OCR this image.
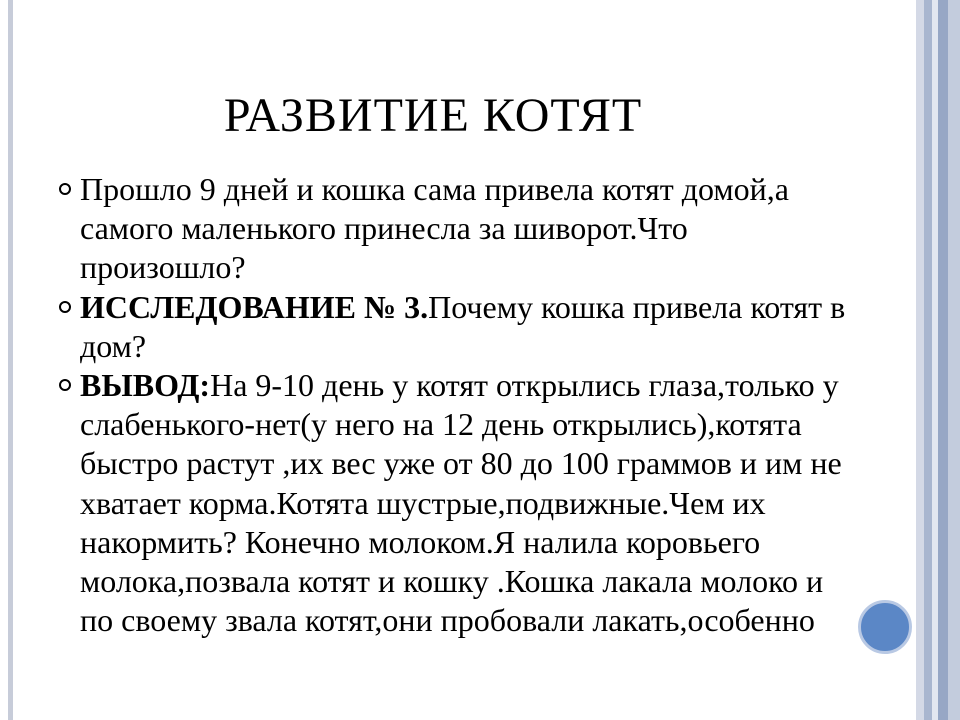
РАЗВИТИЕ КОТЯТ
Прошло 9 дней и кошка сама привела котят домой,а самого маленького принесла за шиворот.Что произошло?
ИССЛЕДОВАНИЕ № 3.Почему кошка привела котят в дом?
ВЫВОД:На 9-10 день у котят открылись глаза,только у слабенького-нет(у него на 12 день открылись),котята быстро растут ,их вес уже от 80 до 100 граммов и им не хватает корма.Котята шустрые,подвижные.Чем их накормить? Конечно молоком.Я налила коровьего молока,позвала котят и кошку .Кошка лакала молоко и по своему звала котят,они пробовали лакать,особенно
